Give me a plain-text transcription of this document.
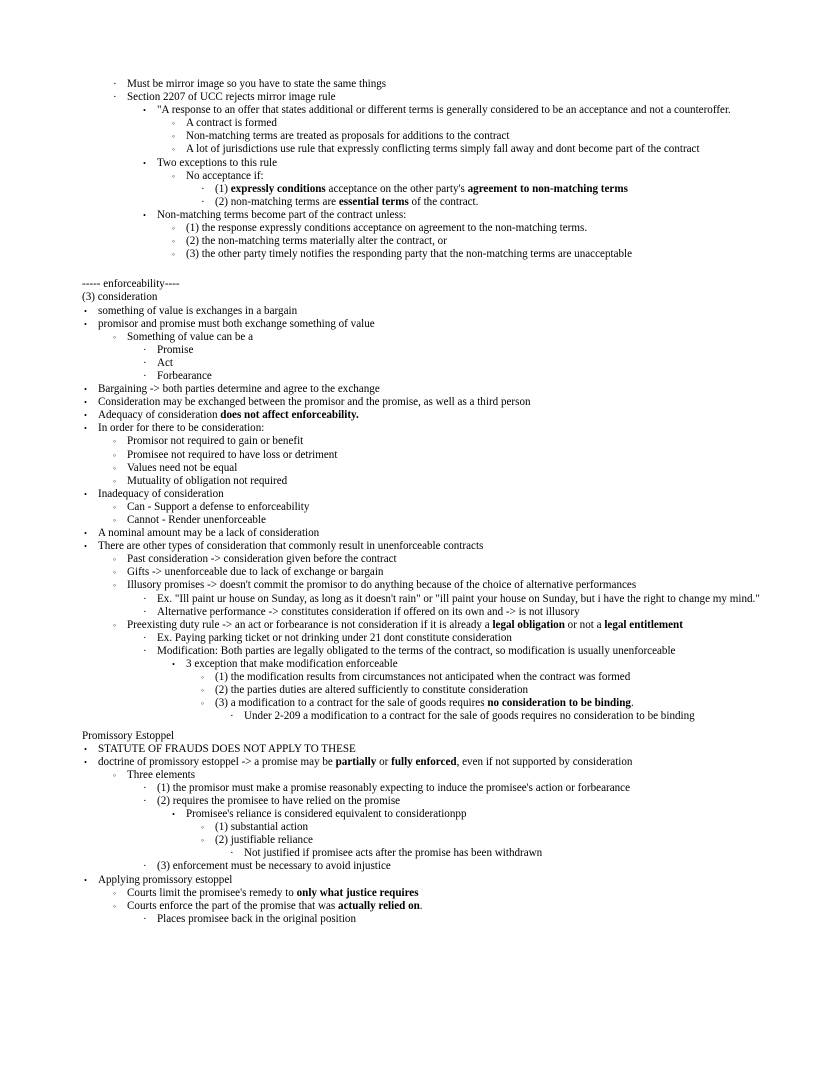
· Must be mirror image so you have to state the same things
· Section 2207 of UCC rejects mirror image rule
• "A response to an offer that states additional or different terms is generally considered to be an acceptance and not a counteroffer.
◦ A contract is formed
◦ Non-matching terms are treated as proposals for additions to the contract
◦ A lot of jurisdictions use rule that expressly conflicting terms simply fall away and dont become part of the contract
• Two exceptions to this rule
◦ No acceptance if:
· (1) expressly conditions acceptance on the other party's agreement to non-matching terms
· (2) non-matching terms are essential terms of the contract.
• Non-matching terms become part of the contract unless:
◦ (1) the response expressly conditions acceptance on agreement to the non-matching terms.
◦ (2) the non-matching terms materially alter the contract, or
◦ (3) the other party timely notifies the responding party that the non-matching terms are unacceptable
----- enforceability----
(3) consideration
• something of value is exchanges in a bargain
• promisor and promise must both exchange something of value
◦ Something of value can be a
· Promise
· Act
· Forbearance
• Bargaining -> both parties determine and agree to the exchange
• Consideration may be exchanged between the promisor and the promise, as well as a third person
• Adequacy of consideration does not affect enforceability.
• In order for there to be consideration:
◦ Promisor not required to gain or benefit
◦ Promisee not required to have loss or detriment
◦ Values need not be equal
◦ Mutuality of obligation not required
• Inadequacy of consideration
◦ Can - Support a defense to enforceability
◦ Cannot - Render unenforceable
• A nominal amount may be a lack of consideration
• There are other types of consideration that commonly result in unenforceable contracts
◦ Past consideration -> consideration given before the contract
◦ Gifts -> unenforceable due to lack of exchange or bargain
◦ Illusory promises -> doesn't commit the promisor to do anything because of the choice of alternative performances
· Ex. "Ill paint ur house on Sunday, as long as it doesn't rain" or "ill paint your house on Sunday, but i have the right to change my mind."
· Alternative performance -> constitutes consideration if offered on its own and -> is not illusory
◦ Preexisting duty rule -> an act or forbearance is not consideration if it is already a legal obligation or not a legal entitlement
· Ex. Paying parking ticket or not drinking under 21 dont constitute consideration
· Modification: Both parties are legally obligated to the terms of the contract, so modification is usually unenforceable
• 3 exception that make modification enforceable
◦ (1) the modification results from circumstances not anticipated when the contract was formed
◦ (2) the parties duties are altered sufficiently to constitute consideration
◦ (3) a modification to a contract for the sale of goods requires no consideration to be binding.
· Under 2-209 a modification to a contract for the sale of goods requires no consideration to be binding
Promissory Estoppel
• STATUTE OF FRAUDS DOES NOT APPLY TO THESE
• doctrine of promissory estoppel -> a promise may be partially or fully enforced, even if not supported by consideration
◦ Three elements
· (1) the promisor must make a promise reasonably expecting to induce the promisee's action or forbearance
· (2) requires the promisee to have relied on the promise
• Promisee's reliance is considered equivalent to considerationpp
◦ (1) substantial action
◦ (2) justifiable reliance
· Not justified if promisee acts after the promise has been withdrawn
· (3) enforcement must be necessary to avoid injustice
• Applying promissory estoppel
◦ Courts limit the promisee's remedy to only what justice requires
◦ Courts enforce the part of the promise that was actually relied on.
· Places promisee back in the original position
